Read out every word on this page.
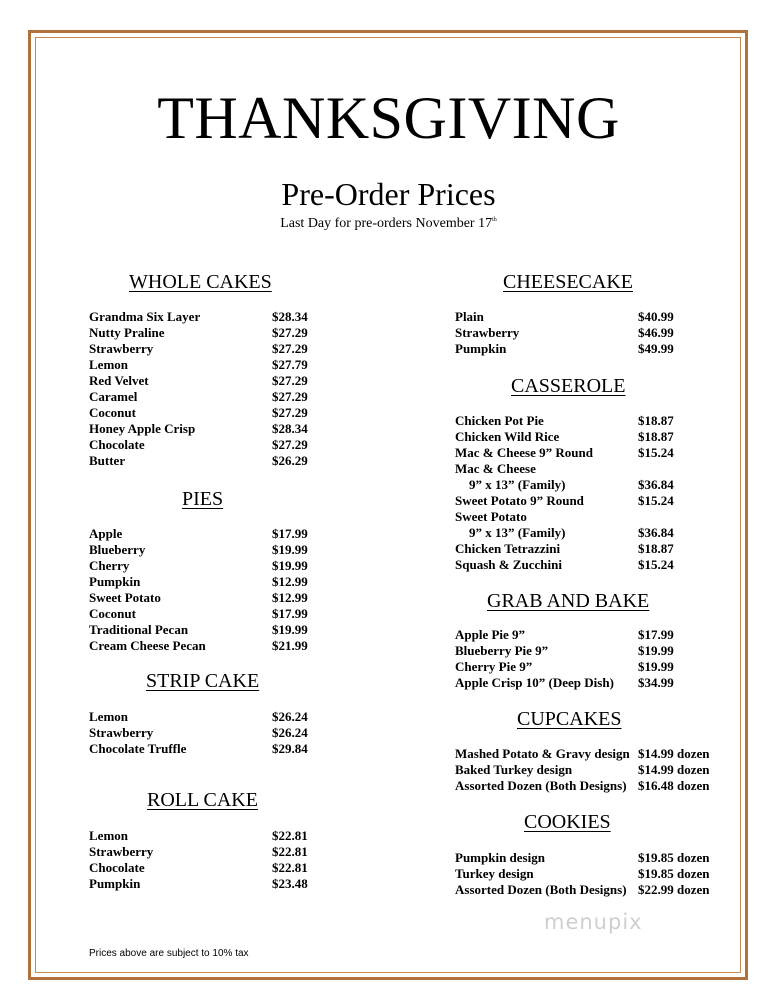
THANKSGIVING
Pre-Order Prices
Last Day for pre-orders November 17th
WHOLE CAKES
Grandma Six Layer	$28.34
Nutty Praline	$27.29
Strawberry	$27.29
Lemon	$27.79
Red Velvet	$27.29
Caramel	$27.29
Coconut	$27.29
Honey Apple Crisp	$28.34
Chocolate	$27.29
Butter	$26.29
PIES
Apple	$17.99
Blueberry	$19.99
Cherry	$19.99
Pumpkin	$12.99
Sweet Potato	$12.99
Coconut	$17.99
Traditional Pecan	$19.99
Cream Cheese Pecan	$21.99
STRIP CAKE
Lemon	$26.24
Strawberry	$26.24
Chocolate Truffle	$29.84
ROLL CAKE
Lemon	$22.81
Strawberry	$22.81
Chocolate	$22.81
Pumpkin	$23.48
CHEESECAKE
Plain	$40.99
Strawberry	$46.99
Pumpkin	$49.99
CASSEROLE
Chicken Pot Pie	$18.87
Chicken Wild Rice	$18.87
Mac & Cheese 9” Round	$15.24
Mac & Cheese
9” x 13” (Family)	$36.84
Sweet Potato 9” Round	$15.24
Sweet Potato
9” x 13” (Family)	$36.84
Chicken Tetrazzini	$18.87
Squash & Zucchini	$15.24
GRAB AND BAKE
Apple Pie 9”	$17.99
Blueberry Pie 9”	$19.99
Cherry Pie 9”	$19.99
Apple Crisp 10” (Deep Dish) $34.99
CUPCAKES
Mashed Potato & Gravy design $14.99 dozen
Baked Turkey design	$14.99 dozen
Assorted Dozen (Both Designs) $16.48 dozen
COOKIES
Pumpkin design	$19.85 dozen
Turkey design	$19.85 dozen
Assorted Dozen (Both Designs) $22.99 dozen
Prices above are subject to 10% tax
menupix
